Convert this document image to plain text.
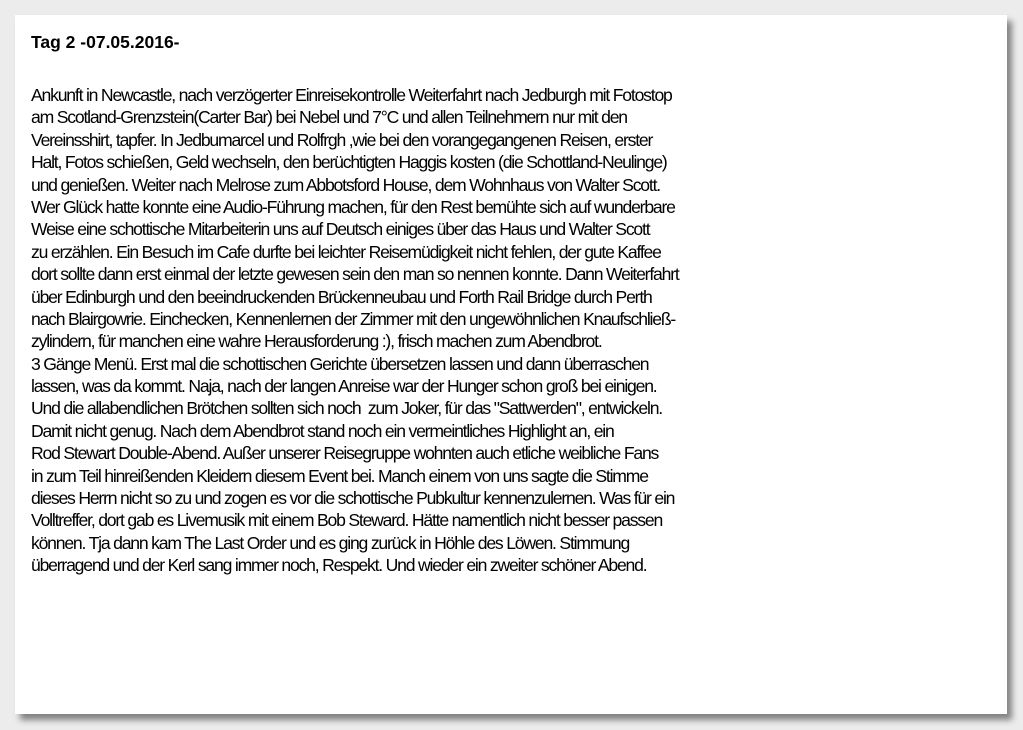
Tag 2 -07.05.2016-
Ankunft in Newcastle, nach verzögerter Einreisekontrolle Weiterfahrt nach Jedburgh mit Fotostop
am Scotland-Grenzstein(Carter Bar) bei Nebel und 7°C und allen Teilnehmern nur mit den
Vereinsshirt, tapfer. In Jedbumarcel und Rolfrgh ,wie bei den vorangegangenen Reisen, erster
Halt, Fotos schießen, Geld wechseln, den berüchtigten Haggis kosten (die Schottland-Neulinge)
und genießen. Weiter nach Melrose zum Abbotsford House, dem Wohnhaus von Walter Scott.
Wer Glück hatte konnte eine Audio-Führung machen, für den Rest bemühte sich auf wunderbare
Weise eine schottische Mitarbeiterin uns auf Deutsch einiges über das Haus und Walter Scott
zu erzählen. Ein Besuch im Cafe durfte bei leichter Reisemüdigkeit nicht fehlen, der gute Kaffee
dort sollte dann erst einmal der letzte gewesen sein den man so nennen konnte. Dann Weiterfahrt
über Edinburgh und den beeindruckenden Brückenneubau und Forth Rail Bridge durch Perth
nach Blairgowrie. Einchecken, Kennenlernen der Zimmer mit den ungewöhnlichen Knaufschließ-
zylindern, für manchen eine wahre Herausforderung :), frisch machen zum Abendbrot.
3 Gänge Menü. Erst mal die schottischen Gerichte übersetzen lassen und dann überraschen
lassen, was da kommt. Naja, nach der langen Anreise war der Hunger schon groß bei einigen.
Und die allabendlichen Brötchen sollten sich noch  zum Joker, für das "Sattwerden", entwickeln.
Damit nicht genug. Nach dem Abendbrot stand noch ein vermeintliches Highlight an, ein
Rod Stewart Double-Abend. Außer unserer Reisegruppe wohnten auch etliche weibliche Fans
in zum Teil hinreißenden Kleidern diesem Event bei. Manch einem von uns sagte die Stimme
dieses Herrn nicht so zu und zogen es vor die schottische Pubkultur kennenzulernen. Was für ein
Volltreffer, dort gab es Livemusik mit einem Bob Steward. Hätte namentlich nicht besser passen
können. Tja dann kam The Last Order und es ging zurück in Höhle des Löwen. Stimmung
überragend und der Kerl sang immer noch, Respekt. Und wieder ein zweiter schöner Abend.
